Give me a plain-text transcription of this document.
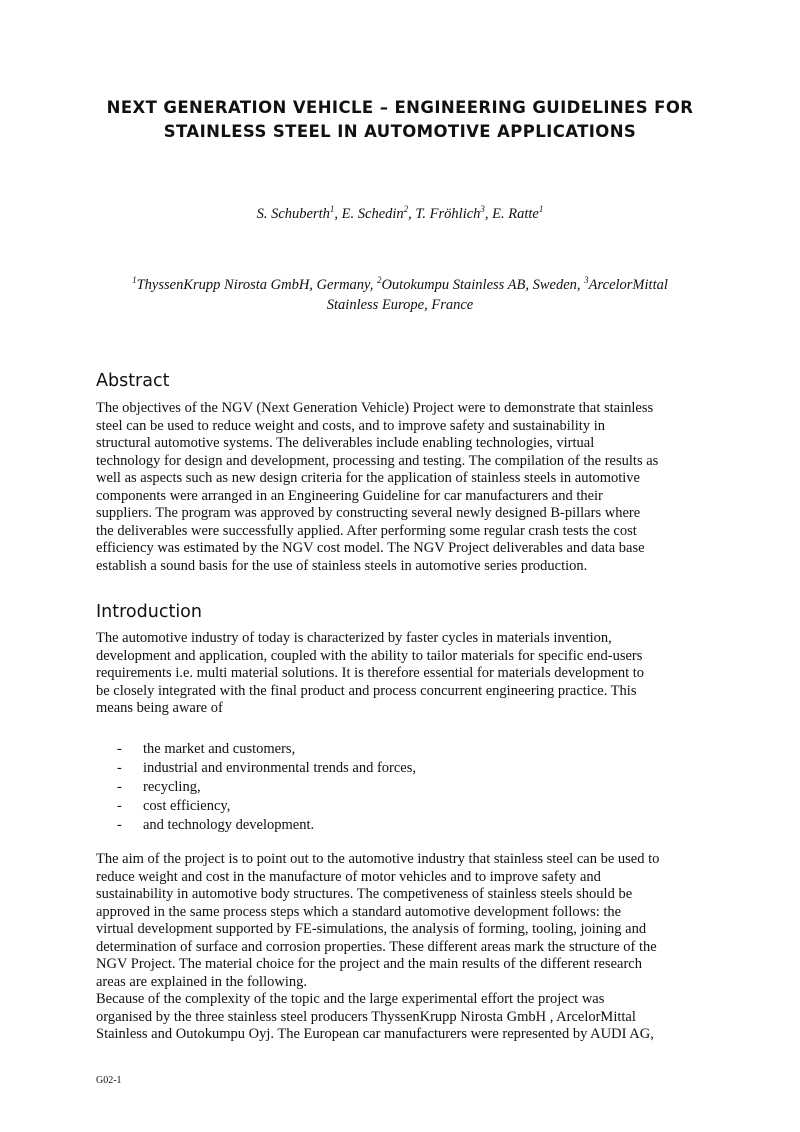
NEXT GENERATION VEHICLE – ENGINEERING GUIDELINES FOR
STAINLESS STEEL IN AUTOMOTIVE APPLICATIONS
S. Schuberth$^1$, E. Schedin$^2$, T. Fröhlich$^3$, E. Ratte$^1$
$^1$ThyssenKrupp Nirosta GmbH, Germany, $^2$Outokumpu Stainless AB, Sweden, $^3$ArcelorMittal
Stainless Europe, France
Abstract
The objectives of the NGV (Next Generation Vehicle) Project were to demonstrate that stainless
steel can be used to reduce weight and costs, and to improve safety and sustainability in
structural automotive systems. The deliverables include enabling technologies, virtual
technology for design and development, processing and testing. The compilation of the results as
well as aspects such as new design criteria for the application of stainless steels in automotive
components were arranged in an Engineering Guideline for car manufacturers and their
suppliers. The program was approved by constructing several newly designed B-pillars where
the deliverables were successfully applied. After performing some regular crash tests the cost
efficiency was estimated by the NGV cost model. The NGV Project deliverables and data base
establish a sound basis for the use of stainless steels in automotive series production.
Introduction
The automotive industry of today is characterized by faster cycles in materials invention,
development and application, coupled with the ability to tailor materials for specific end-users
requirements i.e. multi material solutions. It is therefore essential for materials development to
be closely integrated with the final product and process concurrent engineering practice. This
means being aware of
- the market and customers,
- industrial and environmental trends and forces,
- recycling,
- cost efficiency,
- and technology development.
The aim of the project is to point out to the automotive industry that stainless steel can be used to
reduce weight and cost in the manufacture of motor vehicles and to improve safety and
sustainability in automotive body structures. The competiveness of stainless steels should be
approved in the same process steps which a standard automotive development follows: the
virtual development supported by FE-simulations, the analysis of forming, tooling, joining and
determination of surface and corrosion properties. These different areas mark the structure of the
NGV Project. The material choice for the project and the main results of the different research
areas are explained in the following.
Because of the complexity of the topic and the large experimental effort the project was
organised by the three stainless steel producers ThyssenKrupp Nirosta GmbH , ArcelorMittal
Stainless and Outokumpu Oyj. The European car manufacturers were represented by AUDI AG,
G02-1
